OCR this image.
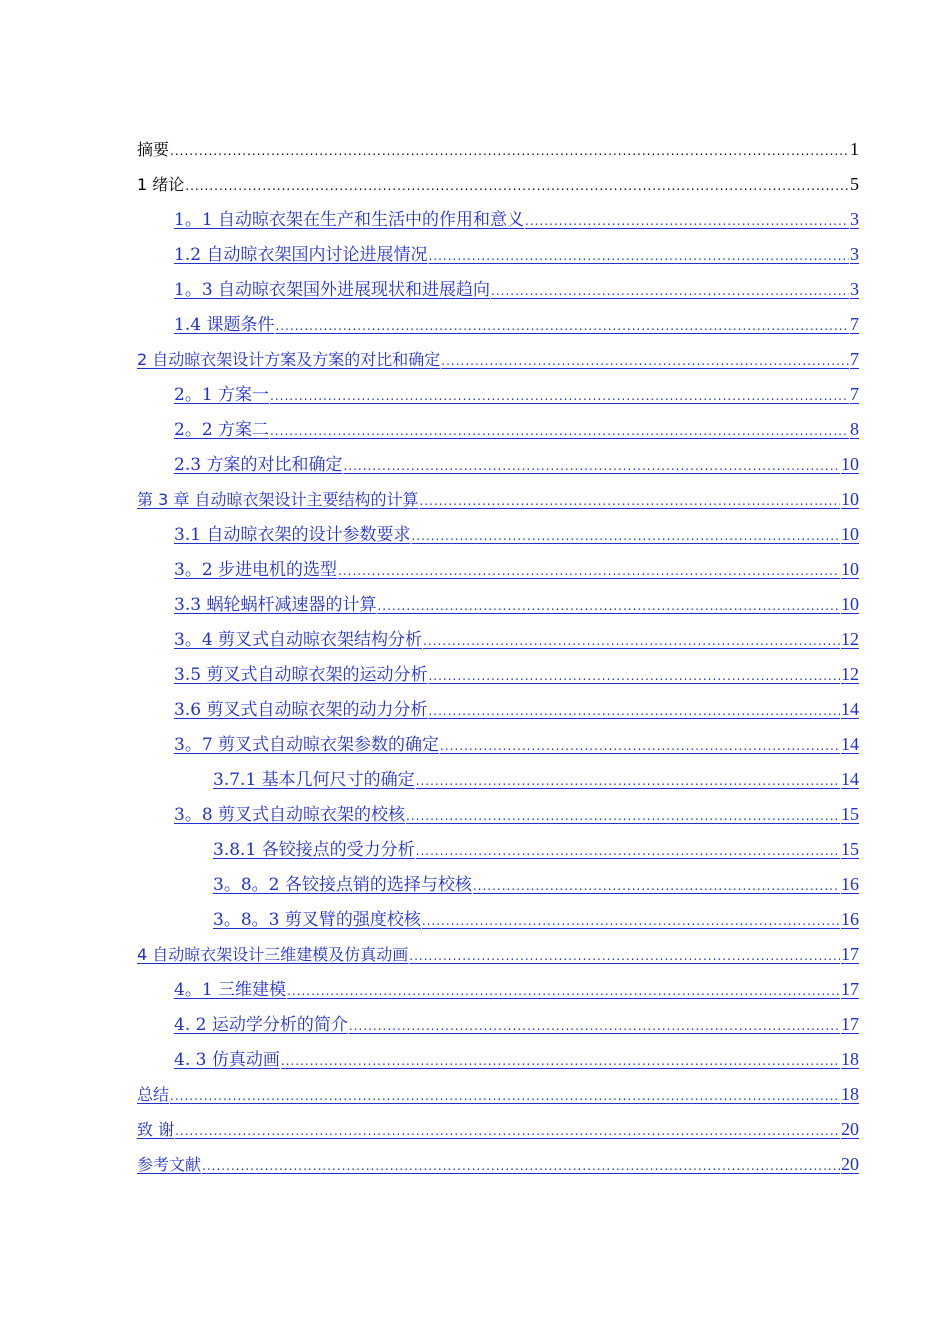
摘要 .....	1
1 绪论 .....	5
1。1 自动晾衣架在生产和生活中的作用和意义 .....	3
1.2 自动晾衣架国内讨论进展情况 .....	3
1。3 自动晾衣架国外进展现状和进展趋向 .....	3
1.4 课题条件 .....	7
2 自动晾衣架设计方案及方案的对比和确定 .....	7
2。1 方案一 .....	7
2。2 方案二 .....	8
2.3 方案的对比和确定 .....	10
第 3 章 自动晾衣架设计主要结构的计算 .....	10
3.1 自动晾衣架的设计参数要求 .....	10
3。2 步进电机的选型 .....	10
3.3 蜗轮蜗杆减速器的计算 .....	10
3。4 剪叉式自动晾衣架结构分析 .....	12
3.5 剪叉式自动晾衣架的运动分析 .....	12
3.6 剪叉式自动晾衣架的动力分析 .....	14
3。7 剪叉式自动晾衣架参数的确定 .....	14
3.7.1 基本几何尺寸的确定 .....	14
3。8 剪叉式自动晾衣架的校核 .....	15
3.8.1 各铰接点的受力分析 .....	15
3。8。2 各铰接点销的选择与校核 .....	16
3。8。3 剪叉臂的强度校核 .....	16
4 自动晾衣架设计三维建模及仿真动画 .....	17
4。1 三维建模 .....	17
4. 2 运动学分析的简介 .....	17
4. 3 仿真动画 .....	18
总结 .....	18
致 谢 .....	20
参考文献 .....	20
